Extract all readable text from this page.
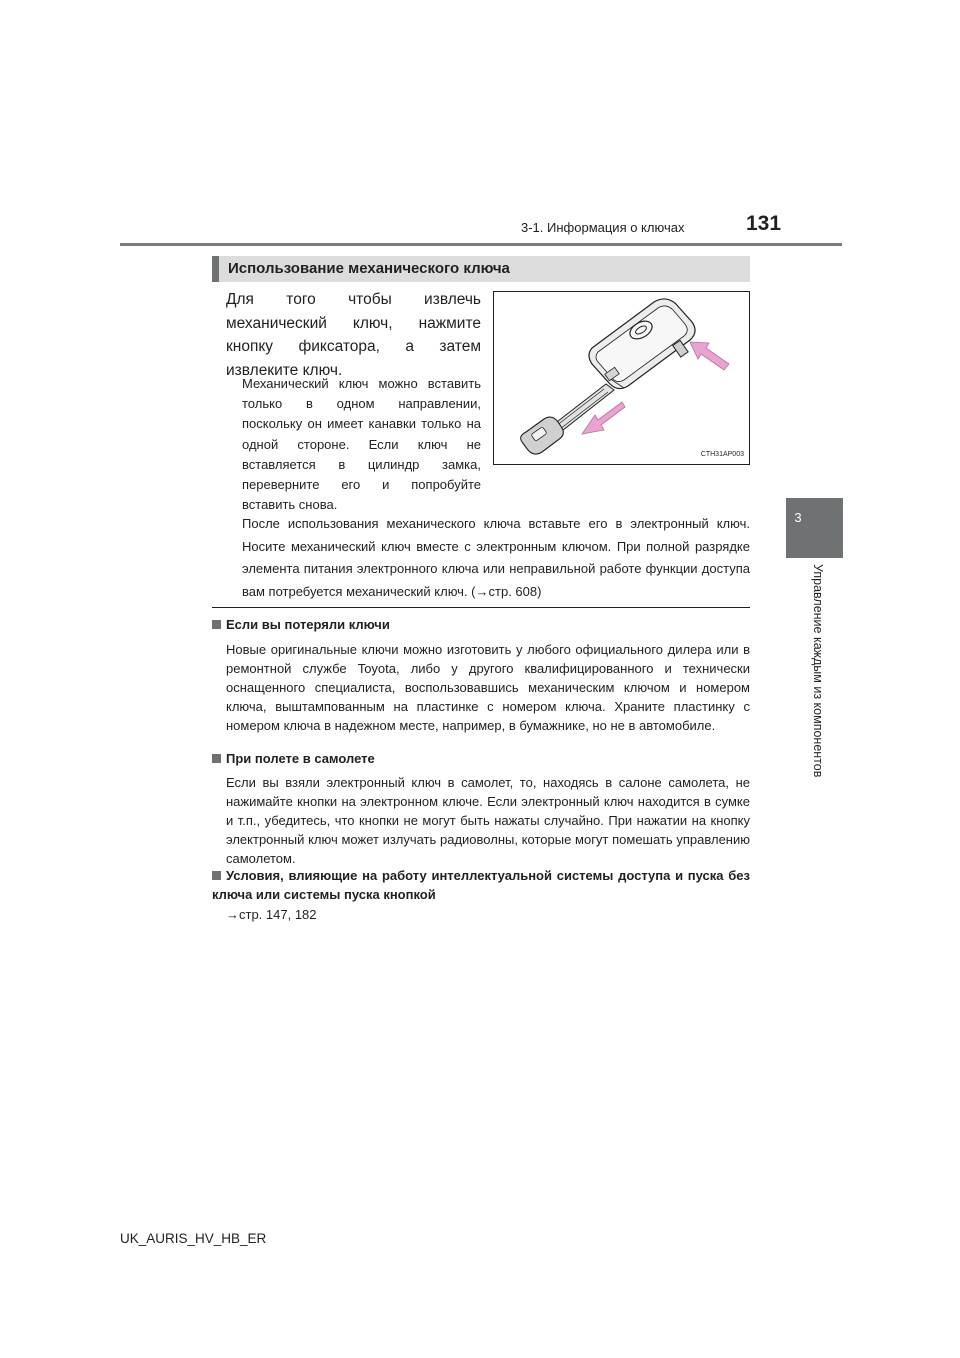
3-1. Информация о ключах	131
3
Управление каждым из компонентов
Использование механического ключа
Для того чтобы извлечь механический ключ, нажмите кнопку фиксатора, а затем извлеките ключ.
Механический ключ можно вставить только в одном направлении, поскольку он имеет канавки только на одной стороне. Если ключ не вставляется в цилиндр замка, переверните его и попробуйте вставить снова.
CTH31AP003
После использования механического ключа вставьте его в электронный ключ. Носите механический ключ вместе с электронным ключом. При полной разрядке элемента питания электронного ключа или неправильной работе функции доступа вам потребуется механический ключ. (→стр. 608)
Если вы потеряли ключи
Новые оригинальные ключи можно изготовить у любого официального дилера или в ремонтной службе Toyota, либо у другого квалифицированного и технически оснащенного специалиста, воспользовавшись механическим ключом и номером ключа, выштампованным на пластинке с номером ключа. Храните пластинку с номером ключа в надежном месте, например, в бумажнике, но не в автомобиле.
При полете в самолете
Если вы взяли электронный ключ в самолет, то, находясь в салоне самолета, не нажимайте кнопки на электронном ключе. Если электронный ключ находится в сумке и т.п., убедитесь, что кнопки не могут быть нажаты случайно. При нажатии на кнопку электронный ключ может излучать радиоволны, которые могут помешать управлению самолетом.
Условия, влияющие на работу интеллектуальной системы доступа и пуска без ключа или системы пуска кнопкой
→стр. 147, 182
UK_AURIS_HV_HB_ER
